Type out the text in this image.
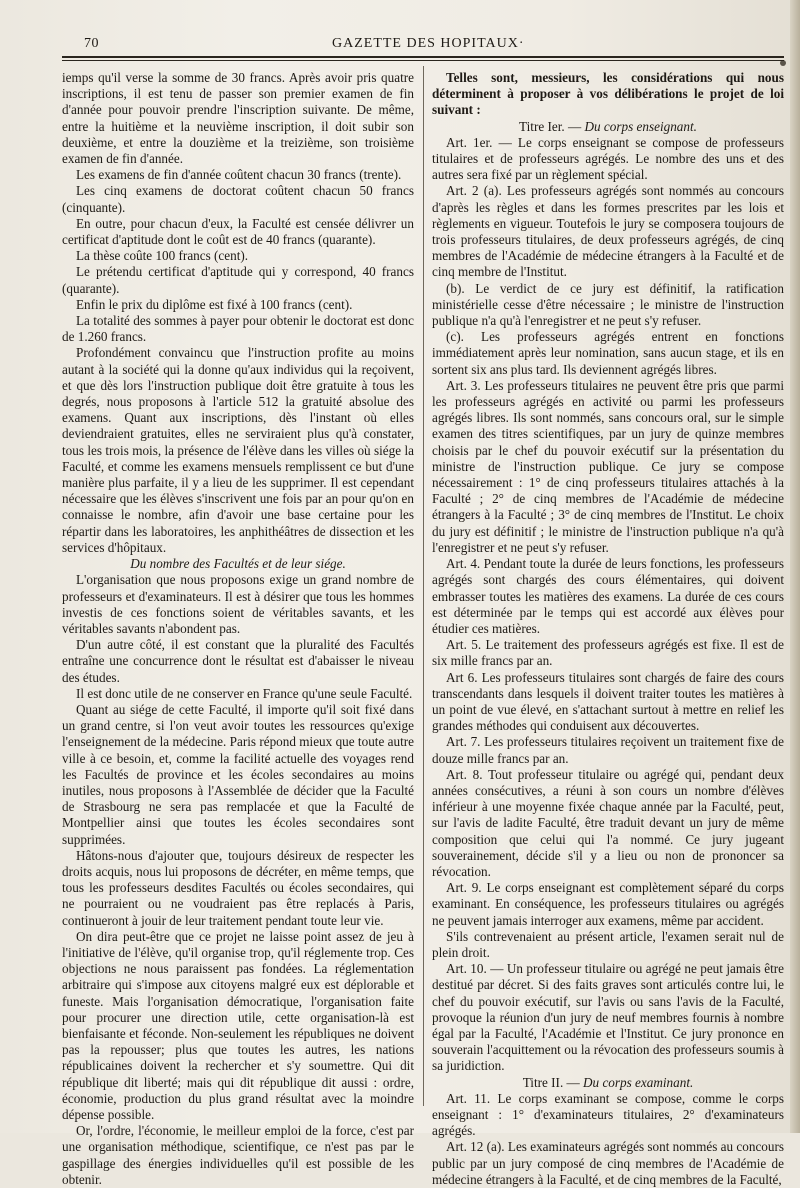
70	GAZETTE DES HOPITAUX·

iemps qu'il verse la somme de 30 francs. Après avoir pris quatre inscriptions, il est tenu de passer son premier examen de fin d'année pour pouvoir prendre l'inscription suivante. De même, entre la huitième et la neuvième inscription, il doit subir son deuxième, et entre la douzième et la treizième, son troisième examen de fin d'année.

Les examens de fin d'année coûtent chacun 30 francs (trente).

Les cinq examens de doctorat coûtent chacun 50 francs (cinquante).

En outre, pour chacun d'eux, la Faculté est censée délivrer un certificat d'aptitude dont le coût est de 40 francs (quarante).

La thèse coûte 100 francs (cent).

Le prétendu certificat d'aptitude qui y correspond, 40 francs (quarante).

Enfin le prix du diplôme est fixé à 100 francs (cent).

La totalité des sommes à payer pour obtenir le doctorat est donc de 1.260 francs.

Profondément convaincu que l'instruction profite au moins autant à la société qui la donne qu'aux individus qui la reçoivent, et que dès lors l'instruction publique doit être gratuite à tous les degrés, nous proposons à l'article 512 la gratuité absolue des examens. Quant aux inscriptions, dès l'instant où elles deviendraient gratuites, elles ne serviraient plus qu'à constater, tous les trois mois, la présence de l'élève dans les villes où siége la Faculté, et comme les examens mensuels remplissent ce but d'une manière plus parfaite, il y a lieu de les supprimer. Il est cependant nécessaire que les élèves s'inscrivent une fois par an pour qu'on en connaisse le nombre, afin d'avoir une base certaine pour les répartir dans les laboratoires, les anphithéâtres de dissection et les services d'hôpitaux.

Du nombre des Facultés et de leur siége.

L'organisation que nous proposons exige un grand nombre de professeurs et d'examinateurs. Il est à désirer que tous les hommes investis de ces fonctions soient de véritables savants, et les véritables savants n'abondent pas.

D'un autre côté, il est constant que la pluralité des Facultés entraîne une concurrence dont le résultat est d'abaisser le niveau des études.

Il est donc utile de ne conserver en France qu'une seule Faculté.

Quant au siége de cette Faculté, il importe qu'il soit fixé dans un grand centre, si l'on veut avoir toutes les ressources qu'exige l'enseignement de la médecine. Paris répond mieux que toute autre ville à ce besoin, et, comme la facilité actuelle des voyages rend les Facultés de province et les écoles secondaires au moins inutiles, nous proposons à l'Assemblée de décider que la Faculté de Strasbourg ne sera pas remplacée et que la Faculté de Montpellier ainsi que toutes les écoles secondaires sont supprimées.

Hâtons-nous d'ajouter que, toujours désireux de respecter les droits acquis, nous lui proposons de décréter, en même temps, que tous les professeurs desdites Facultés ou écoles secondaires, qui ne pourraient ou ne voudraient pas être replacés à Paris, continueront à jouir de leur traitement pendant toute leur vie.

On dira peut-être que ce projet ne laisse point assez de jeu à l'initiative de l'élève, qu'il organise trop, qu'il réglemente trop. Ces objections ne nous paraissent pas fondées. La réglementation arbitraire qui s'impose aux citoyens malgré eux est déplorable et funeste. Mais l'organisation démocratique, l'organisation faite pour procurer une direction utile, cette organisation-là est bienfaisante et féconde. Non-seulement les républiques ne doivent pas la repousser; plus que toutes les autres, les nations républicaines doivent la rechercher et s'y soumettre. Qui dit république dit liberté; mais qui dit république dit aussi : ordre, économie, production du plus grand résultat avec la moindre dépense possible.

Or, l'ordre, l'économie, le meilleur emploi de la force, c'est par une organisation méthodique, scientifique, ce n'est pas par le gaspillage des énergies individuelles qu'il est possible de les obtenir.

Telles sont, messieurs, les considérations qui nous déterminent à proposer à vos délibérations le projet de loi suivant :

Titre Ier. — Du corps enseignant.

Art. 1er. — Le corps enseignant se compose de professeurs titulaires et de professeurs agrégés. Le nombre des uns et des autres sera fixé par un règlement spécial.

Art. 2 (a). Les professeurs agrégés sont nommés au concours d'après les règles et dans les formes prescrites par les lois et règlements en vigueur. Toutefois le jury se composera toujours de trois professeurs titulaires, de deux professeurs agrégés, de cinq membres de l'Académie de médecine étrangers à la Faculté et de cinq membre de l'Institut.

(b). Le verdict de ce jury est définitif, la ratification ministérielle cesse d'être nécessaire ; le ministre de l'instruction publique n'a qu'à l'enregistrer et ne peut s'y refuser.

(c). Les professeurs agrégés entrent en fonctions immédiatement après leur nomination, sans aucun stage, et ils en sortent six ans plus tard. Ils deviennent agrégés libres.

Art. 3. Les professeurs titulaires ne peuvent être pris que parmi les professeurs agrégés en activité ou parmi les professeurs agrégés libres. Ils sont nommés, sans concours oral, sur le simple examen des titres scientifiques, par un jury de quinze membres choisis par le chef du pouvoir exécutif sur la présentation du ministre de l'instruction publique. Ce jury se compose nécessairement : 1° de cinq professeurs titulaires attachés à la Faculté ; 2° de cinq membres de l'Académie de médecine étrangers à la Faculté ; 3° de cinq membres de l'Institut. Le choix du jury est définitif ; le ministre de l'instruction publique n'a qu'à l'enregistrer et ne peut s'y refuser.

Art. 4. Pendant toute la durée de leurs fonctions, les professeurs agrégés sont chargés des cours élémentaires, qui doivent embrasser toutes les matières des examens. La durée de ces cours est déterminée par le temps qui est accordé aux élèves pour étudier ces matières.

Art. 5. Le traitement des professeurs agrégés est fixe. Il est de six mille francs par an.

Art 6. Les professeurs titulaires sont chargés de faire des cours transcendants dans lesquels il doivent traiter toutes les matières à un point de vue élevé, en s'attachant surtout à mettre en relief les grandes méthodes qui conduisent aux découvertes.

Art. 7. Les professeurs titulaires reçoivent un traitement fixe de douze mille francs par an.

Art. 8. Tout professeur titulaire ou agrégé qui, pendant deux années consécutives, a réuni à son cours un nombre d'élèves inférieur à une moyenne fixée chaque année par la Faculté, peut, sur l'avis de ladite Faculté, être traduit devant un jury de même composition que celui qui l'a nommé. Ce jury jugeant souverainement, décide s'il y a lieu ou non de prononcer sa révocation.

Art. 9. Le corps enseignant est complètement séparé du corps examinant. En conséquence, les professeurs titulaires ou agrégés ne peuvent jamais interroger aux examens, même par accident.

S'ils contrevenaient au présent article, l'examen serait nul de plein droit.

Art. 10. — Un professeur titulaire ou agrégé ne peut jamais être destitué par décret. Si des faits graves sont articulés contre lui, le chef du pouvoir exécutif, sur l'avis ou sans l'avis de la Faculté, provoque la réunion d'un jury de neuf membres fournis à nombre égal par la Faculté, l'Académie et l'Institut. Ce jury prononce en souverain l'acquittement ou la révocation des professeurs soumis à sa juridiction.

Titre II. — Du corps examinant.

Art. 11. Le corps examinant se compose, comme le corps enseignant : 1° d'examinateurs titulaires, 2° d'examinateurs agrégés.

Art. 12 (a). Les examinateurs agrégés sont nommés au concours public par un jury composé de cinq membres de l'Académie de médecine étrangers à la Faculté, et de cinq membres de la Faculté,
